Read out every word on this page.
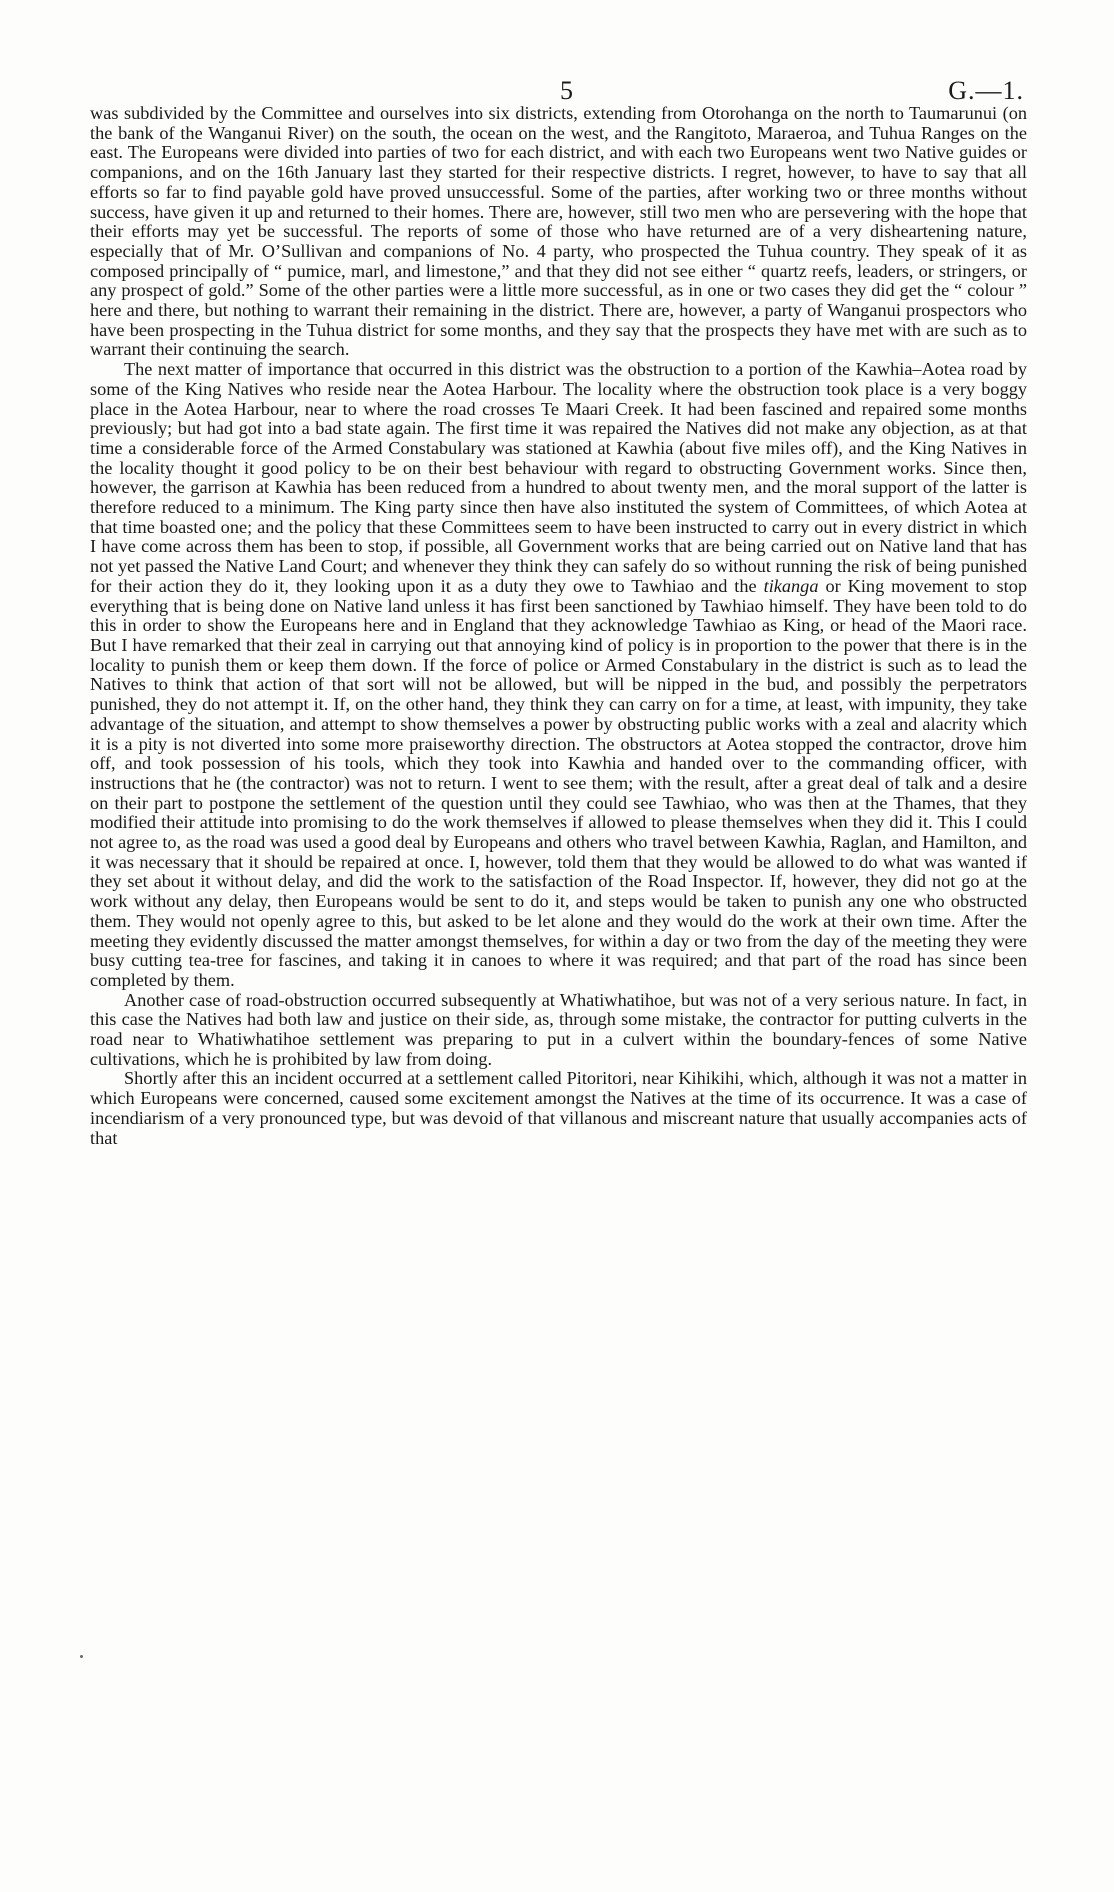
5	G.—1.

was subdivided by the Committee and ourselves into six districts, extending from Otorohanga on the north to Taumarunui (on the bank of the Wanganui River) on the south, the ocean on the west, and the Rangitoto, Maraeroa, and Tuhua Ranges on the east. The Europeans were divided into parties of two for each district, and with each two Europeans went two Native guides or companions, and on the 16th January last they started for their respective districts. I regret, however, to have to say that all efforts so far to find payable gold have proved unsuccessful. Some of the parties, after working two or three months without success, have given it up and returned to their homes. There are, however, still two men who are persevering with the hope that their efforts may yet be successful. The reports of some of those who have returned are of a very disheartening nature, especially that of Mr. O’Sullivan and companions of No. 4 party, who prospected the Tuhua country. They speak of it as composed principally of “ pumice, marl, and limestone,” and that they did not see either “ quartz reefs, leaders, or stringers, or any prospect of gold.” Some of the other parties were a little more successful, as in one or two cases they did get the “ colour ” here and there, but nothing to warrant their remaining in the district. There are, however, a party of Wanganui prospectors who have been prospecting in the Tuhua district for some months, and they say that the prospects they have met with are such as to warrant their continuing the search.

The next matter of importance that occurred in this district was the obstruction to a portion of the Kawhia–Aotea road by some of the King Natives who reside near the Aotea Harbour. The locality where the obstruction took place is a very boggy place in the Aotea Harbour, near to where the road crosses Te Maari Creek. It had been fascined and repaired some months previously; but had got into a bad state again. The first time it was repaired the Natives did not make any objection, as at that time a considerable force of the Armed Constabulary was stationed at Kawhia (about five miles off), and the King Natives in the locality thought it good policy to be on their best behaviour with regard to obstructing Government works. Since then, however, the garrison at Kawhia has been reduced from a hundred to about twenty men, and the moral support of the latter is therefore reduced to a minimum. The King party since then have also instituted the system of Committees, of which Aotea at that time boasted one; and the policy that these Committees seem to have been instructed to carry out in every district in which I have come across them has been to stop, if possible, all Government works that are being carried out on Native land that has not yet passed the Native Land Court; and whenever they think they can safely do so without running the risk of being punished for their action they do it, they looking upon it as a duty they owe to Tawhiao and the tikanga or King movement to stop everything that is being done on Native land unless it has first been sanctioned by Tawhiao himself. They have been told to do this in order to show the Europeans here and in England that they acknowledge Tawhiao as King, or head of the Maori race. But I have remarked that their zeal in carrying out that annoying kind of policy is in proportion to the power that there is in the locality to punish them or keep them down. If the force of police or Armed Constabulary in the district is such as to lead the Natives to think that action of that sort will not be allowed, but will be nipped in the bud, and possibly the perpetrators punished, they do not attempt it. If, on the other hand, they think they can carry on for a time, at least, with impunity, they take advantage of the situation, and attempt to show themselves a power by obstructing public works with a zeal and alacrity which it is a pity is not diverted into some more praiseworthy direction. The obstructors at Aotea stopped the contractor, drove him off, and took possession of his tools, which they took into Kawhia and handed over to the commanding officer, with instructions that he (the contractor) was not to return. I went to see them; with the result, after a great deal of talk and a desire on their part to postpone the settlement of the question until they could see Tawhiao, who was then at the Thames, that they modified their attitude into promising to do the work themselves if allowed to please themselves when they did it. This I could not agree to, as the road was used a good deal by Europeans and others who travel between Kawhia, Raglan, and Hamilton, and it was necessary that it should be repaired at once. I, however, told them that they would be allowed to do what was wanted if they set about it without delay, and did the work to the satisfaction of the Road Inspector. If, however, they did not go at the work without any delay, then Europeans would be sent to do it, and steps would be taken to punish any one who obstructed them. They would not openly agree to this, but asked to be let alone and they would do the work at their own time. After the meeting they evidently discussed the matter amongst themselves, for within a day or two from the day of the meeting they were busy cutting tea-tree for fascines, and taking it in canoes to where it was required; and that part of the road has since been completed by them.

Another case of road-obstruction occurred subsequently at Whatiwhatihoe, but was not of a very serious nature. In fact, in this case the Natives had both law and justice on their side, as, through some mistake, the contractor for putting culverts in the road near to Whatiwhatihoe settlement was preparing to put in a culvert within the boundary-fences of some Native cultivations, which he is prohibited by law from doing.

Shortly after this an incident occurred at a settlement called Pitoritori, near Kihikihi, which, although it was not a matter in which Europeans were concerned, caused some excitement amongst the Natives at the time of its occurrence. It was a case of incendiarism of a very pronounced type, but was devoid of that villanous and miscreant nature that usually accompanies acts of that
